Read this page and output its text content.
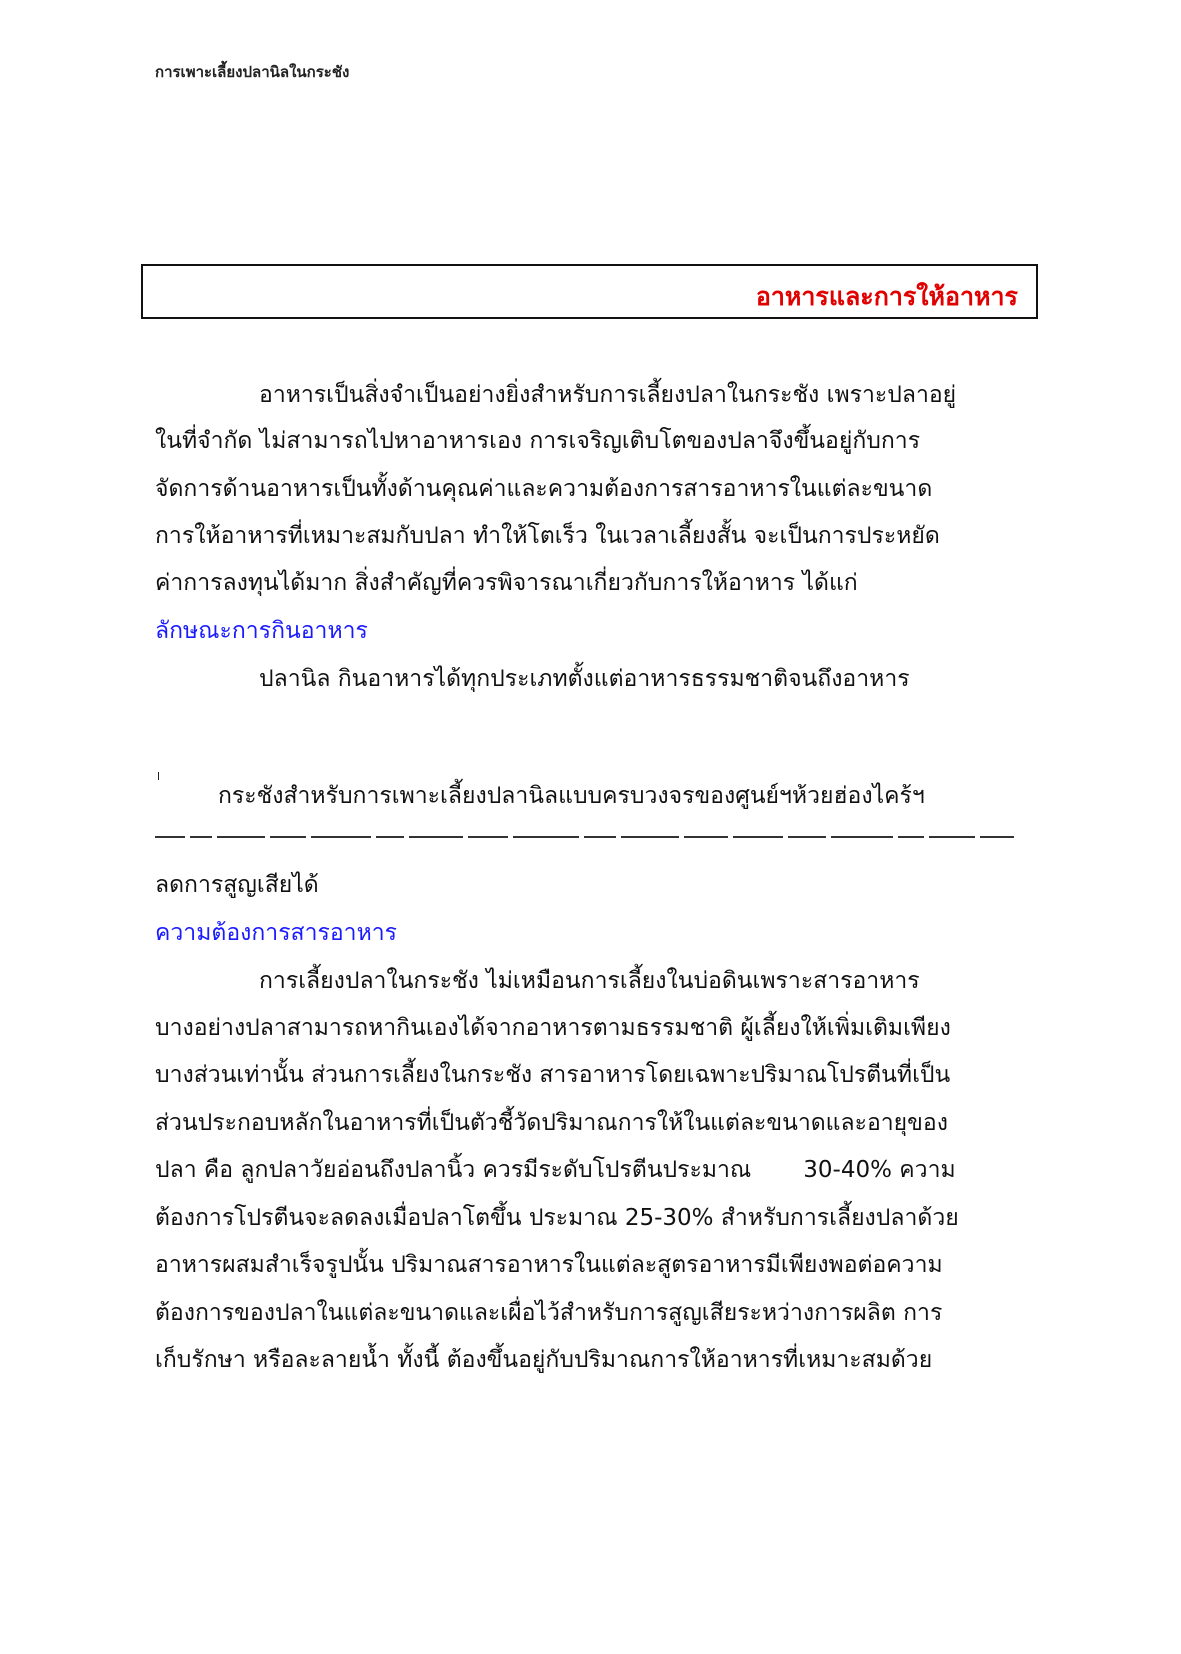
การเพาะเลี้ยงปลานิลในกระชัง
อาหารและการให้อาหาร
อาหารเป็นสิ่งจำเป็นอย่างยิ่งสำหรับการเลี้ยงปลาในกระชัง เพราะปลาอยู่
ในที่จำกัด ไม่สามารถไปหาอาหารเอง การเจริญเติบโตของปลาจึงขึ้นอยู่กับการ
จัดการด้านอาหารเป็นทั้งด้านคุณค่าและความต้องการสารอาหารในแต่ละขนาด
การให้อาหารที่เหมาะสมกับปลา ทำให้โตเร็ว ในเวลาเลี้ยงสั้น จะเป็นการประหยัด
ค่าการลงทุนได้มาก สิ่งสำคัญที่ควรพิจารณาเกี่ยวกับการให้อาหาร ได้แก่
ลักษณะการกินอาหาร
ปลานิล กินอาหารได้ทุกประเภทตั้งแต่อาหารธรรมชาติจนถึงอาหาร
กระชังสำหรับการเพาะเลี้ยงปลานิลแบบครบวงจรของศูนย์ฯห้วยฮ่องไคร้ฯ
ลดการสูญเสียได้
ความต้องการสารอาหาร
การเลี้ยงปลาในกระชัง ไม่เหมือนการเลี้ยงในบ่อดินเพราะสารอาหาร
บางอย่างปลาสามารถหากินเองได้จากอาหารตามธรรมชาติ ผู้เลี้ยงให้เพิ่มเติมเพียง
บางส่วนเท่านั้น ส่วนการเลี้ยงในกระชัง สารอาหารโดยเฉพาะปริมาณโปรตีนที่เป็น
ส่วนประกอบหลักในอาหารที่เป็นตัวชี้วัดปริมาณการให้ในแต่ละขนาดและอายุของ
ปลา คือ ลูกปลาวัยอ่อนถึงปลานิ้ว ควรมีระดับโปรตีนประมาณ 30-40% ความ
ต้องการโปรตีนจะลดลงเมื่อปลาโตขึ้น ประมาณ 25-30% สำหรับการเลี้ยงปลาด้วย
อาหารผสมสำเร็จรูปนั้น ปริมาณสารอาหารในแต่ละสูตรอาหารมีเพียงพอต่อความ
ต้องการของปลาในแต่ละขนาดและเผื่อไว้สำหรับการสูญเสียระหว่างการผลิต การ
เก็บรักษา หรือละลายน้ำ ทั้งนี้ ต้องขึ้นอยู่กับปริมาณการให้อาหารที่เหมาะสมด้วย
